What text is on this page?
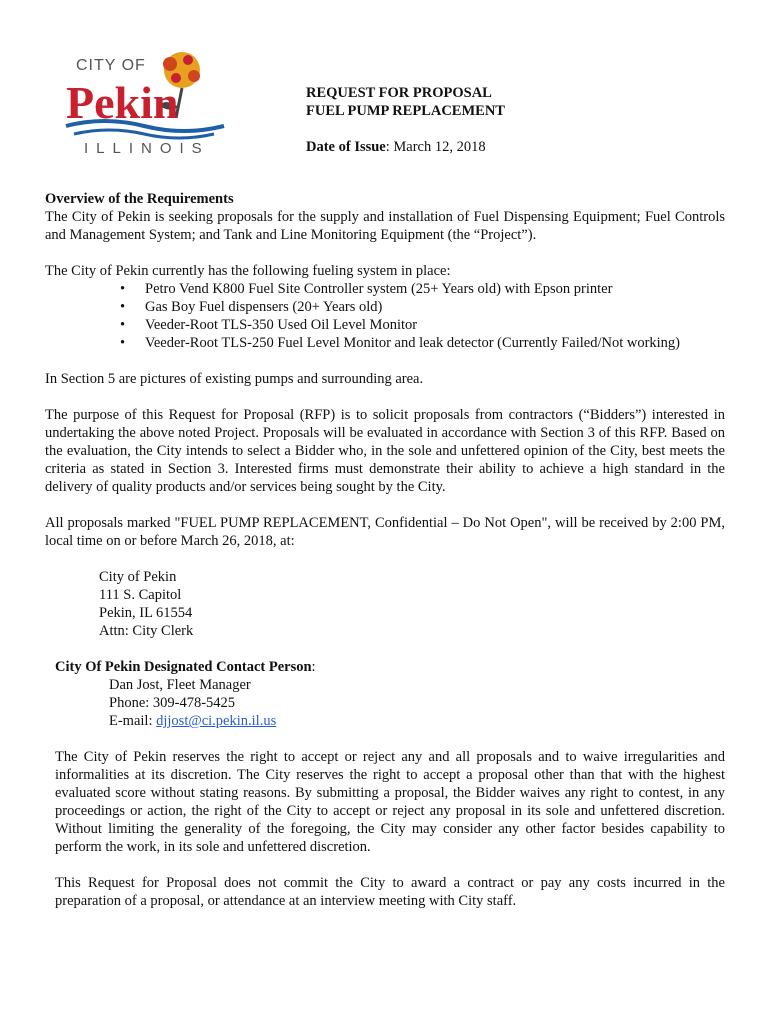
CITY OF
Pekin
ILLINOIS
REQUEST FOR PROPOSAL
FUEL PUMP REPLACEMENT
Date of Issue: March 12, 2018

Overview of the Requirements

The City of Pekin is seeking proposals for the supply and installation of Fuel Dispensing Equipment; Fuel Controls and Management System; and Tank and Line Monitoring Equipment (the “Project”).

The City of Pekin currently has the following fueling system in place:

• Petro Vend K800 Fuel Site Controller system (25+ Years old) with Epson printer
• Gas Boy Fuel dispensers (20+ Years old)
• Veeder-Root TLS-350 Used Oil Level Monitor
• Veeder-Root TLS-250 Fuel Level Monitor and leak detector (Currently Failed/Not working)

In Section 5 are pictures of existing pumps and surrounding area.

The purpose of this Request for Proposal (RFP) is to solicit proposals from contractors (“Bidders”) interested in undertaking the above noted Project. Proposals will be evaluated in accordance with Section 3 of this RFP. Based on the evaluation, the City intends to select a Bidder who, in the sole and unfettered opinion of the City, best meets the criteria as stated in Section 3. Interested firms must demonstrate their ability to achieve a high standard in the delivery of quality products and/or services being sought by the City.

All proposals marked "FUEL PUMP REPLACEMENT, Confidential – Do Not Open", will be received by 2:00 PM, local time on or before March 26, 2018, at:

City of Pekin
111 S. Capitol
Pekin, IL 61554
Attn: City Clerk
City Of Pekin Designated Contact Person:
Dan Jost, Fleet Manager
Phone: 309-478-5425
E-mail: djjost@ci.pekin.il.us

The City of Pekin reserves the right to accept or reject any and all proposals and to waive irregularities and informalities at its discretion. The City reserves the right to accept a proposal other than that with the highest evaluated score without stating reasons. By submitting a proposal, the Bidder waives any right to contest, in any proceedings or action, the right of the City to accept or reject any proposal in its sole and unfettered discretion. Without limiting the generality of the foregoing, the City may consider any other factor besides capability to perform the work, in its sole and unfettered discretion.

This Request for Proposal does not commit the City to award a contract or pay any costs incurred in the preparation of a proposal, or attendance at an interview meeting with City staff.
